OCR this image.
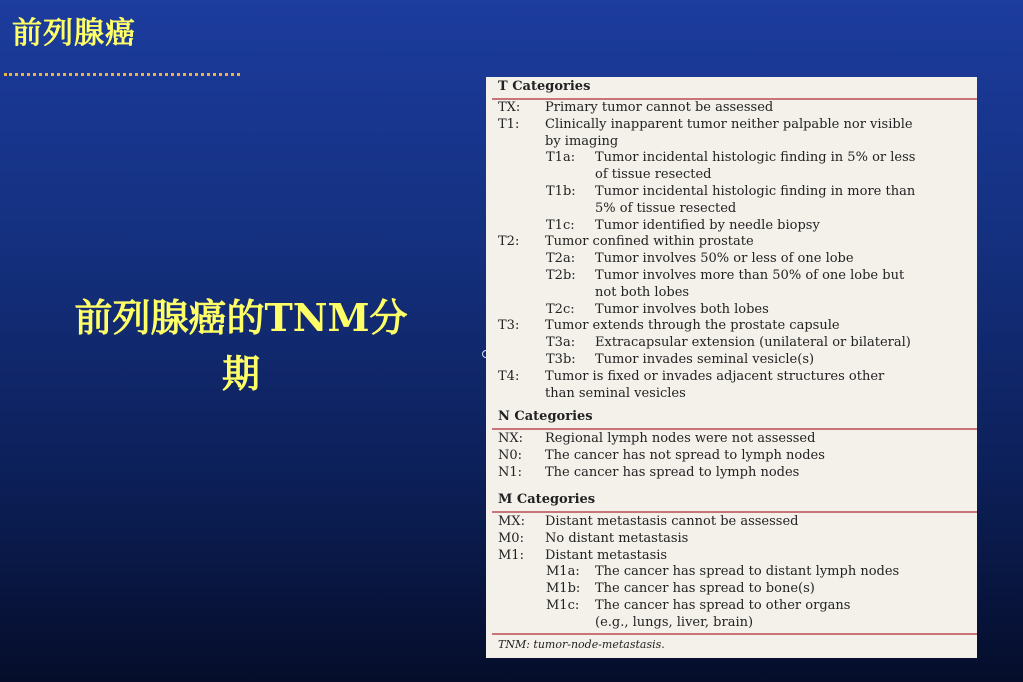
前列腺癌
前列腺癌的TNM分
期
T Categories
N Categories
M Categories
TX: Primary tumor cannot be assessed
T1: Clinically inapparent tumor neither palpable nor visible
by imaging
T1a: Tumor incidental histologic finding in 5% or less
of tissue resected
T1b: Tumor incidental histologic finding in more than
5% of tissue resected
T1c: Tumor identified by needle biopsy
T2: Tumor confined within prostate
T2a: Tumor involves 50% or less of one lobe
T2b: Tumor involves more than 50% of one lobe but
not both lobes
T2c: Tumor involves both lobes
T3: Tumor extends through the prostate capsule
T3a: Extracapsular extension (unilateral or bilateral)
T3b: Tumor invades seminal vesicle(s)
T4: Tumor is fixed or invades adjacent structures other
than seminal vesicles
NX: Regional lymph nodes were not assessed
N0: The cancer has not spread to lymph nodes
N1: The cancer has spread to lymph nodes
MX: Distant metastasis cannot be assessed
M0: No distant metastasis
M1: Distant metastasis
M1a: The cancer has spread to distant lymph nodes
M1b: The cancer has spread to bone(s)
M1c: The cancer has spread to other organs
(e.g., lungs, liver, brain)
TNM: tumor-node-metastasis.
